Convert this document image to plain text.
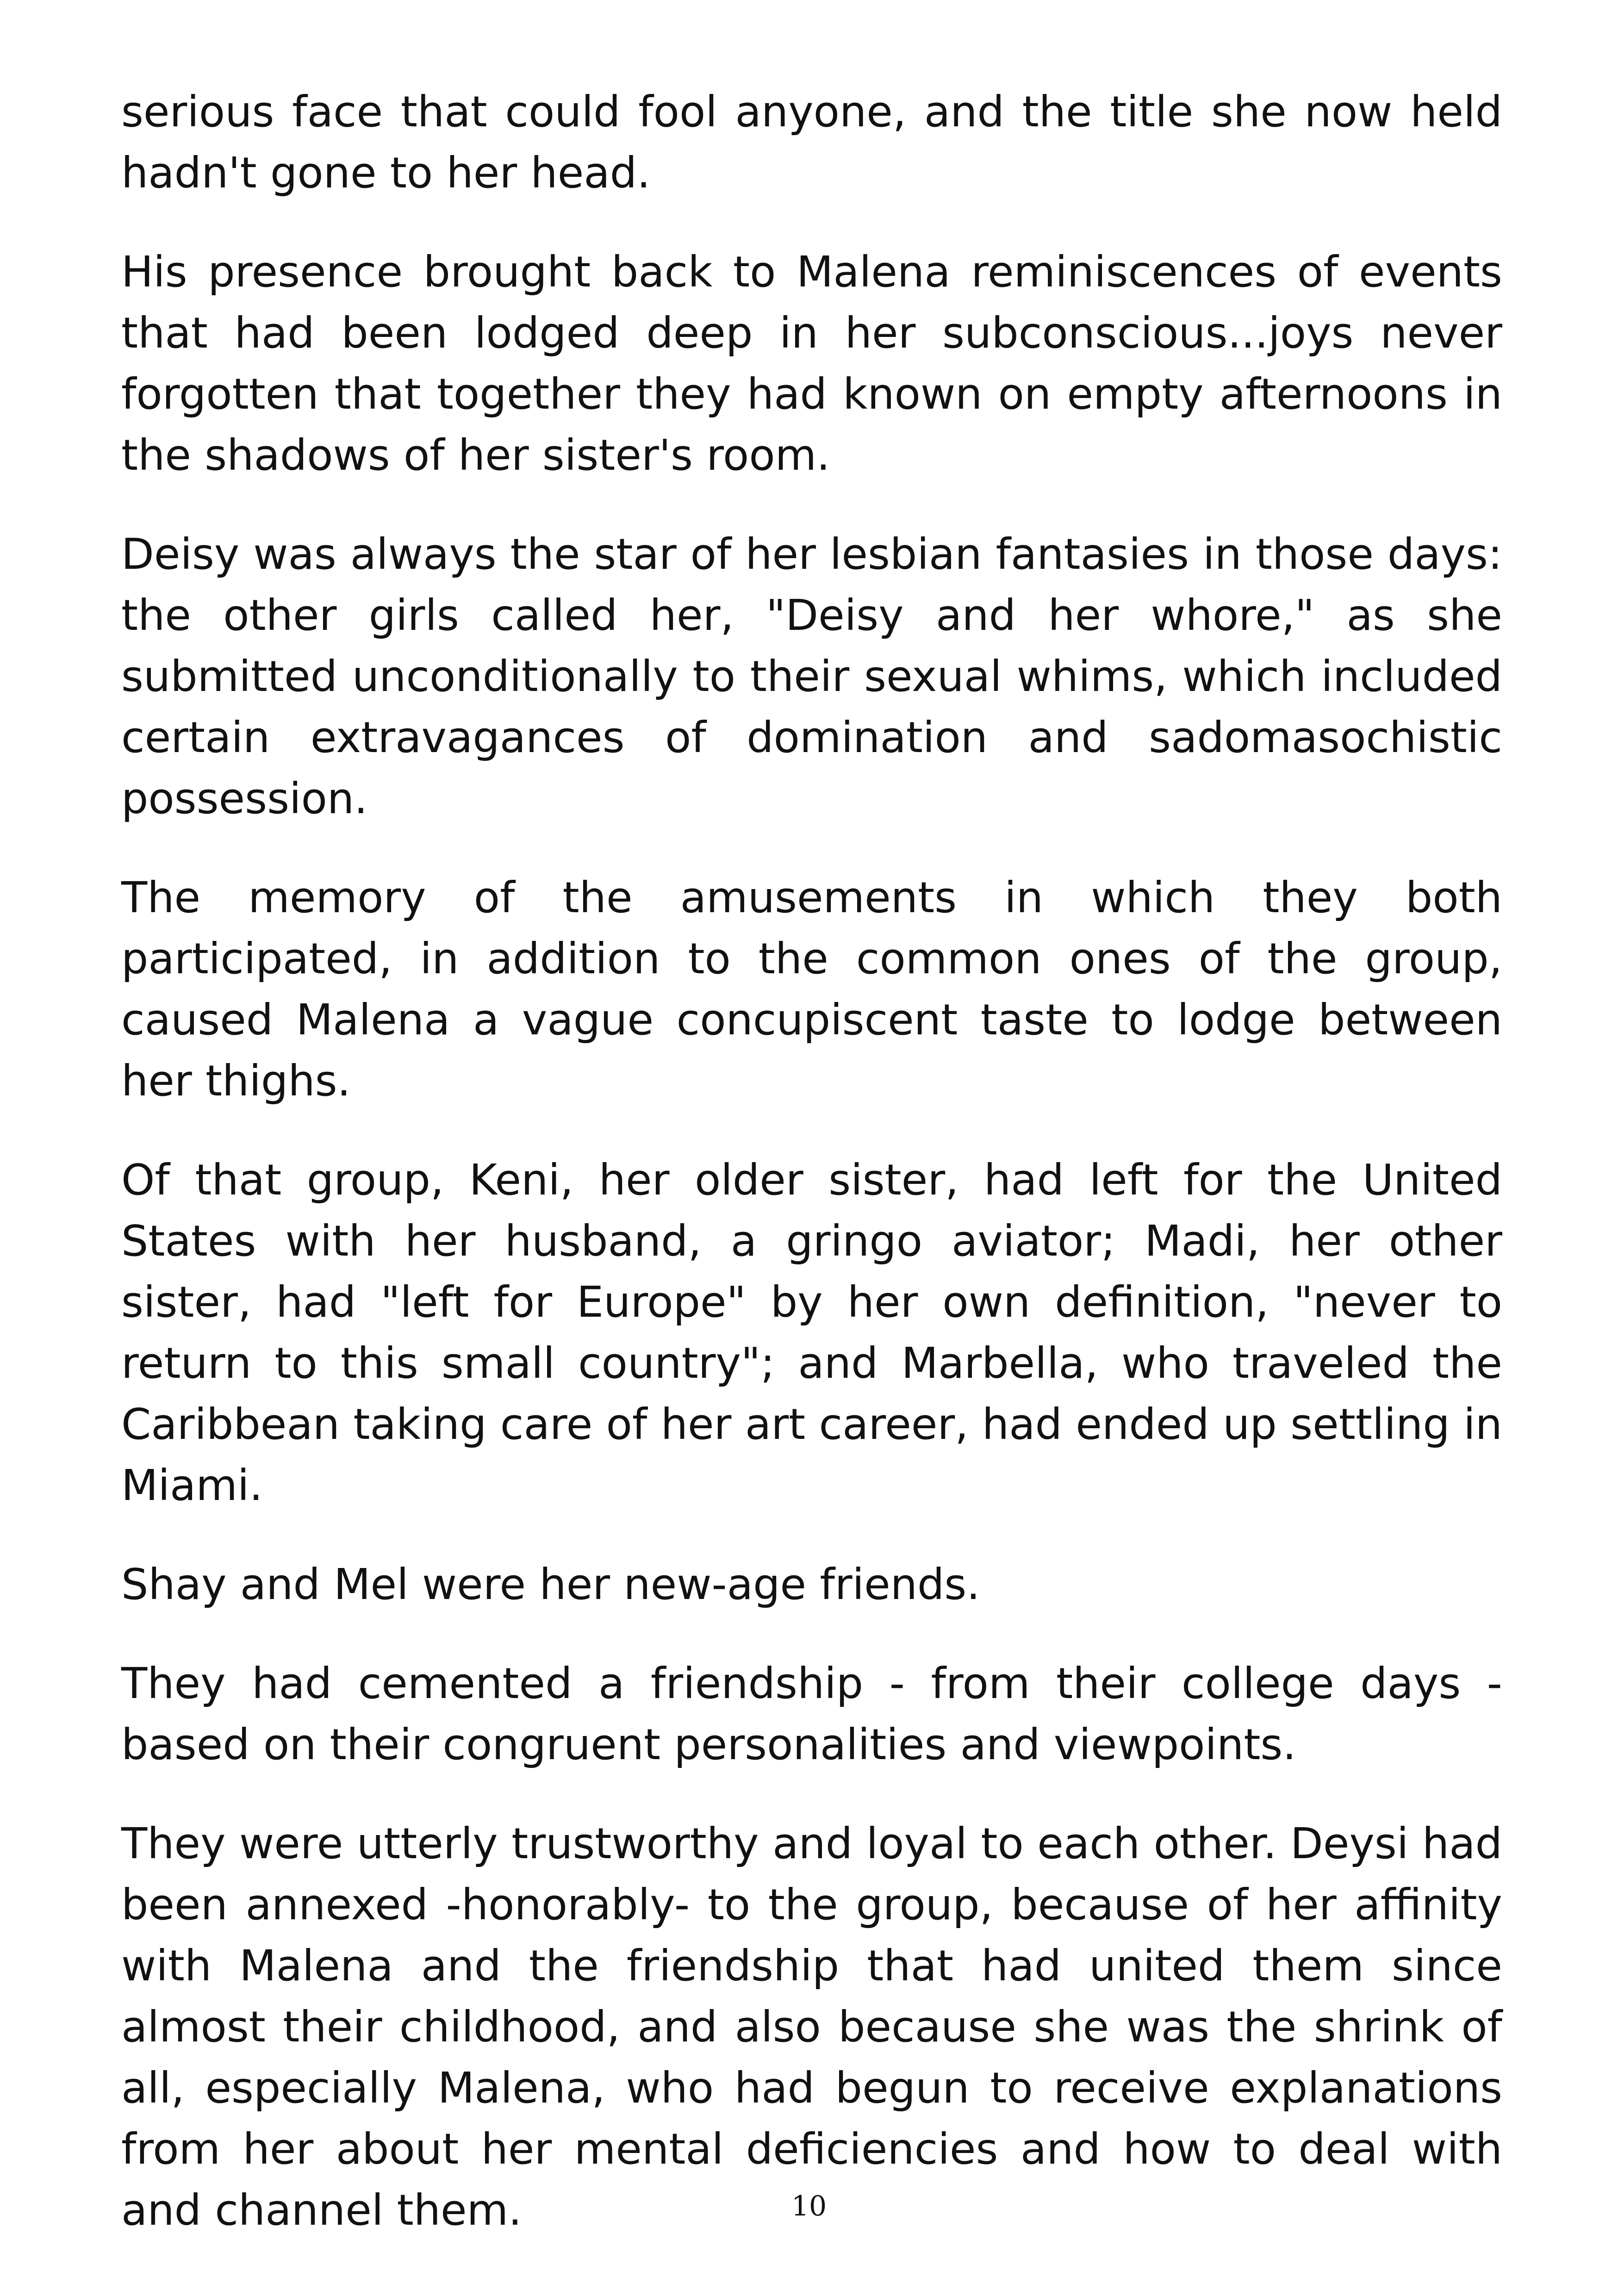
serious face that could fool anyone, and the title she now held hadn't gone to her head.

His presence brought back to Malena reminiscences of events that had been lodged deep in her subconscious...joys never forgotten that together they had known on empty afternoons in the shadows of her sister's room.

Deisy was always the star of her lesbian fantasies in those days: the other girls called her, "Deisy and her whore," as she submitted unconditionally to their sexual whims, which included certain extravagances of domination and sadomasochistic possession.

The memory of the amusements in which they both participated, in addition to the common ones of the group, caused Malena a vague concupiscent taste to lodge between her thighs.

Of that group, Keni, her older sister, had left for the United States with her husband, a gringo aviator; Madi, her other sister, had "left for Europe" by her own definition, "never to return to this small country"; and Marbella, who traveled the Caribbean taking care of her art career, had ended up settling in Miami.

Shay and Mel were her new-age friends.

They had cemented a friendship - from their college days - based on their congruent personalities and viewpoints.

They were utterly trustworthy and loyal to each other. Deysi had been annexed -honorably- to the group, because of her affinity with Malena and the friendship that had united them since almost their childhood, and also because she was the shrink of all, especially Malena, who had begun to receive explanations from her about her mental deficiencies and how to deal with and channel them.	10
